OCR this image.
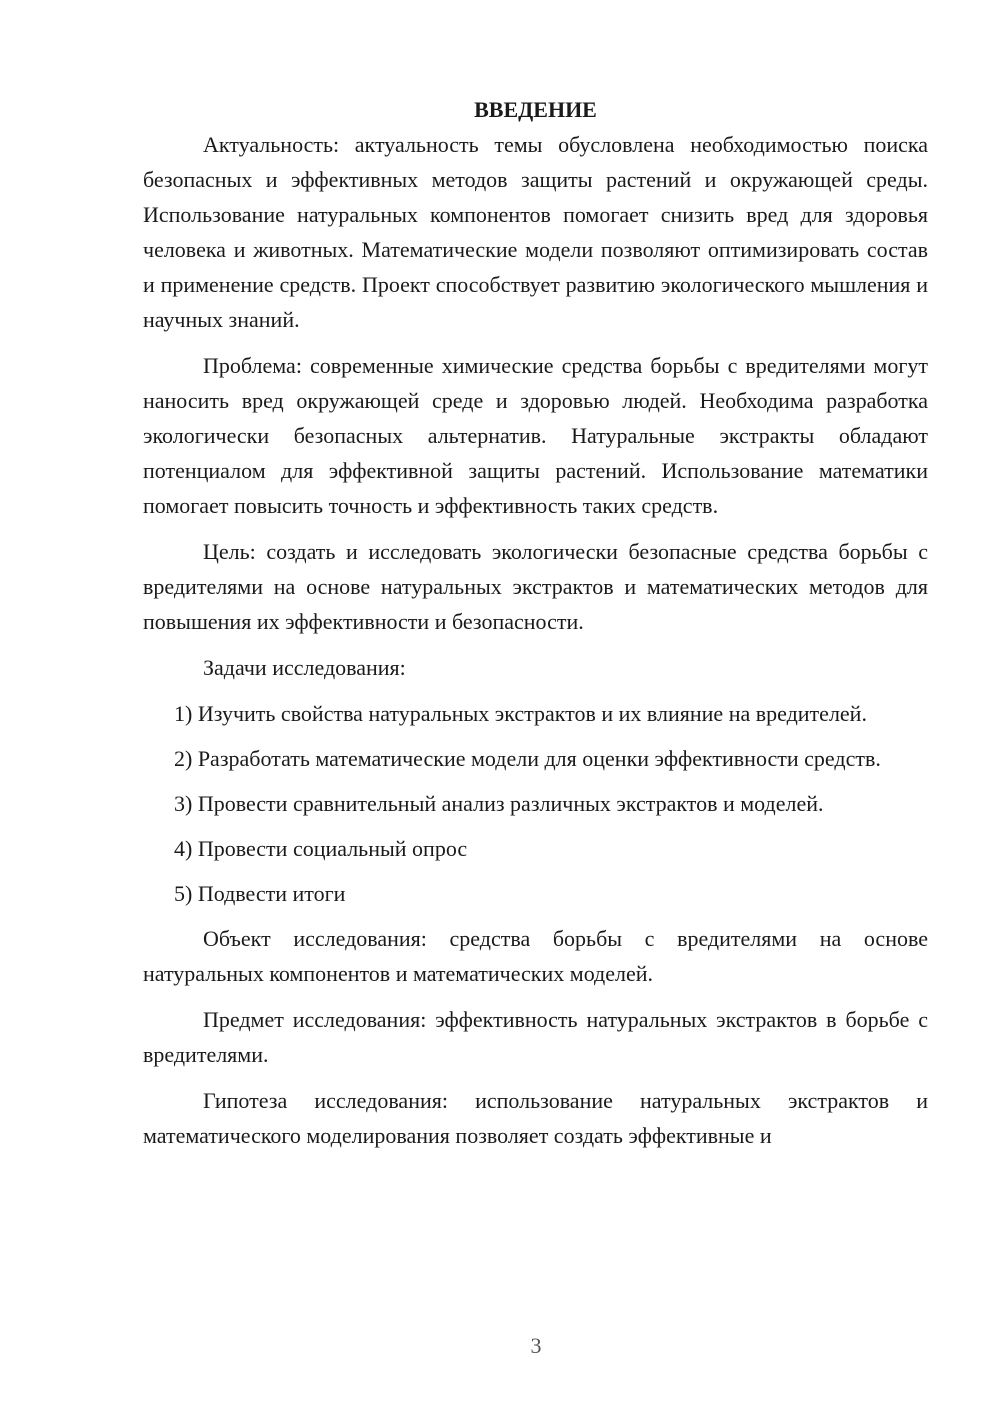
ВВЕДЕНИЕ

Актуальность: актуальность темы обусловлена необходимостью поиска безопасных и эффективных методов защиты растений и окружающей среды. Использование натуральных компонентов помогает снизить вред для здоровья человека и животных. Математические модели позволяют оптимизировать состав и применение средств. Проект способствует развитию экологического мышления и научных знаний.

Проблема: современные химические средства борьбы с вредителями могут наносить вред окружающей среде и здоровью людей. Необходима разработка экологически безопасных альтернатив. Натуральные экстракты обладают потенциалом для эффективной защиты растений. Использование математики помогает повысить точность и эффективность таких средств.

Цель: создать и исследовать экологически безопасные средства борьбы с вредителями на основе натуральных экстрактов и математических методов для повышения их эффективности и безопасности.

Задачи исследования:

1) Изучить свойства натуральных экстрактов и их влияние на вредителей.

2) Разработать математические модели для оценки эффективности средств.

3) Провести сравнительный анализ различных экстрактов и моделей.

4) Провести социальный опрос

5) Подвести итоги

Объект исследования: средства борьбы с вредителями на основе натуральных компонентов и математических моделей.

Предмет исследования: эффективность натуральных экстрактов в борьбе с вредителями.

Гипотеза исследования: использование натуральных экстрактов и математического моделирования позволяет создать эффективные и

3
